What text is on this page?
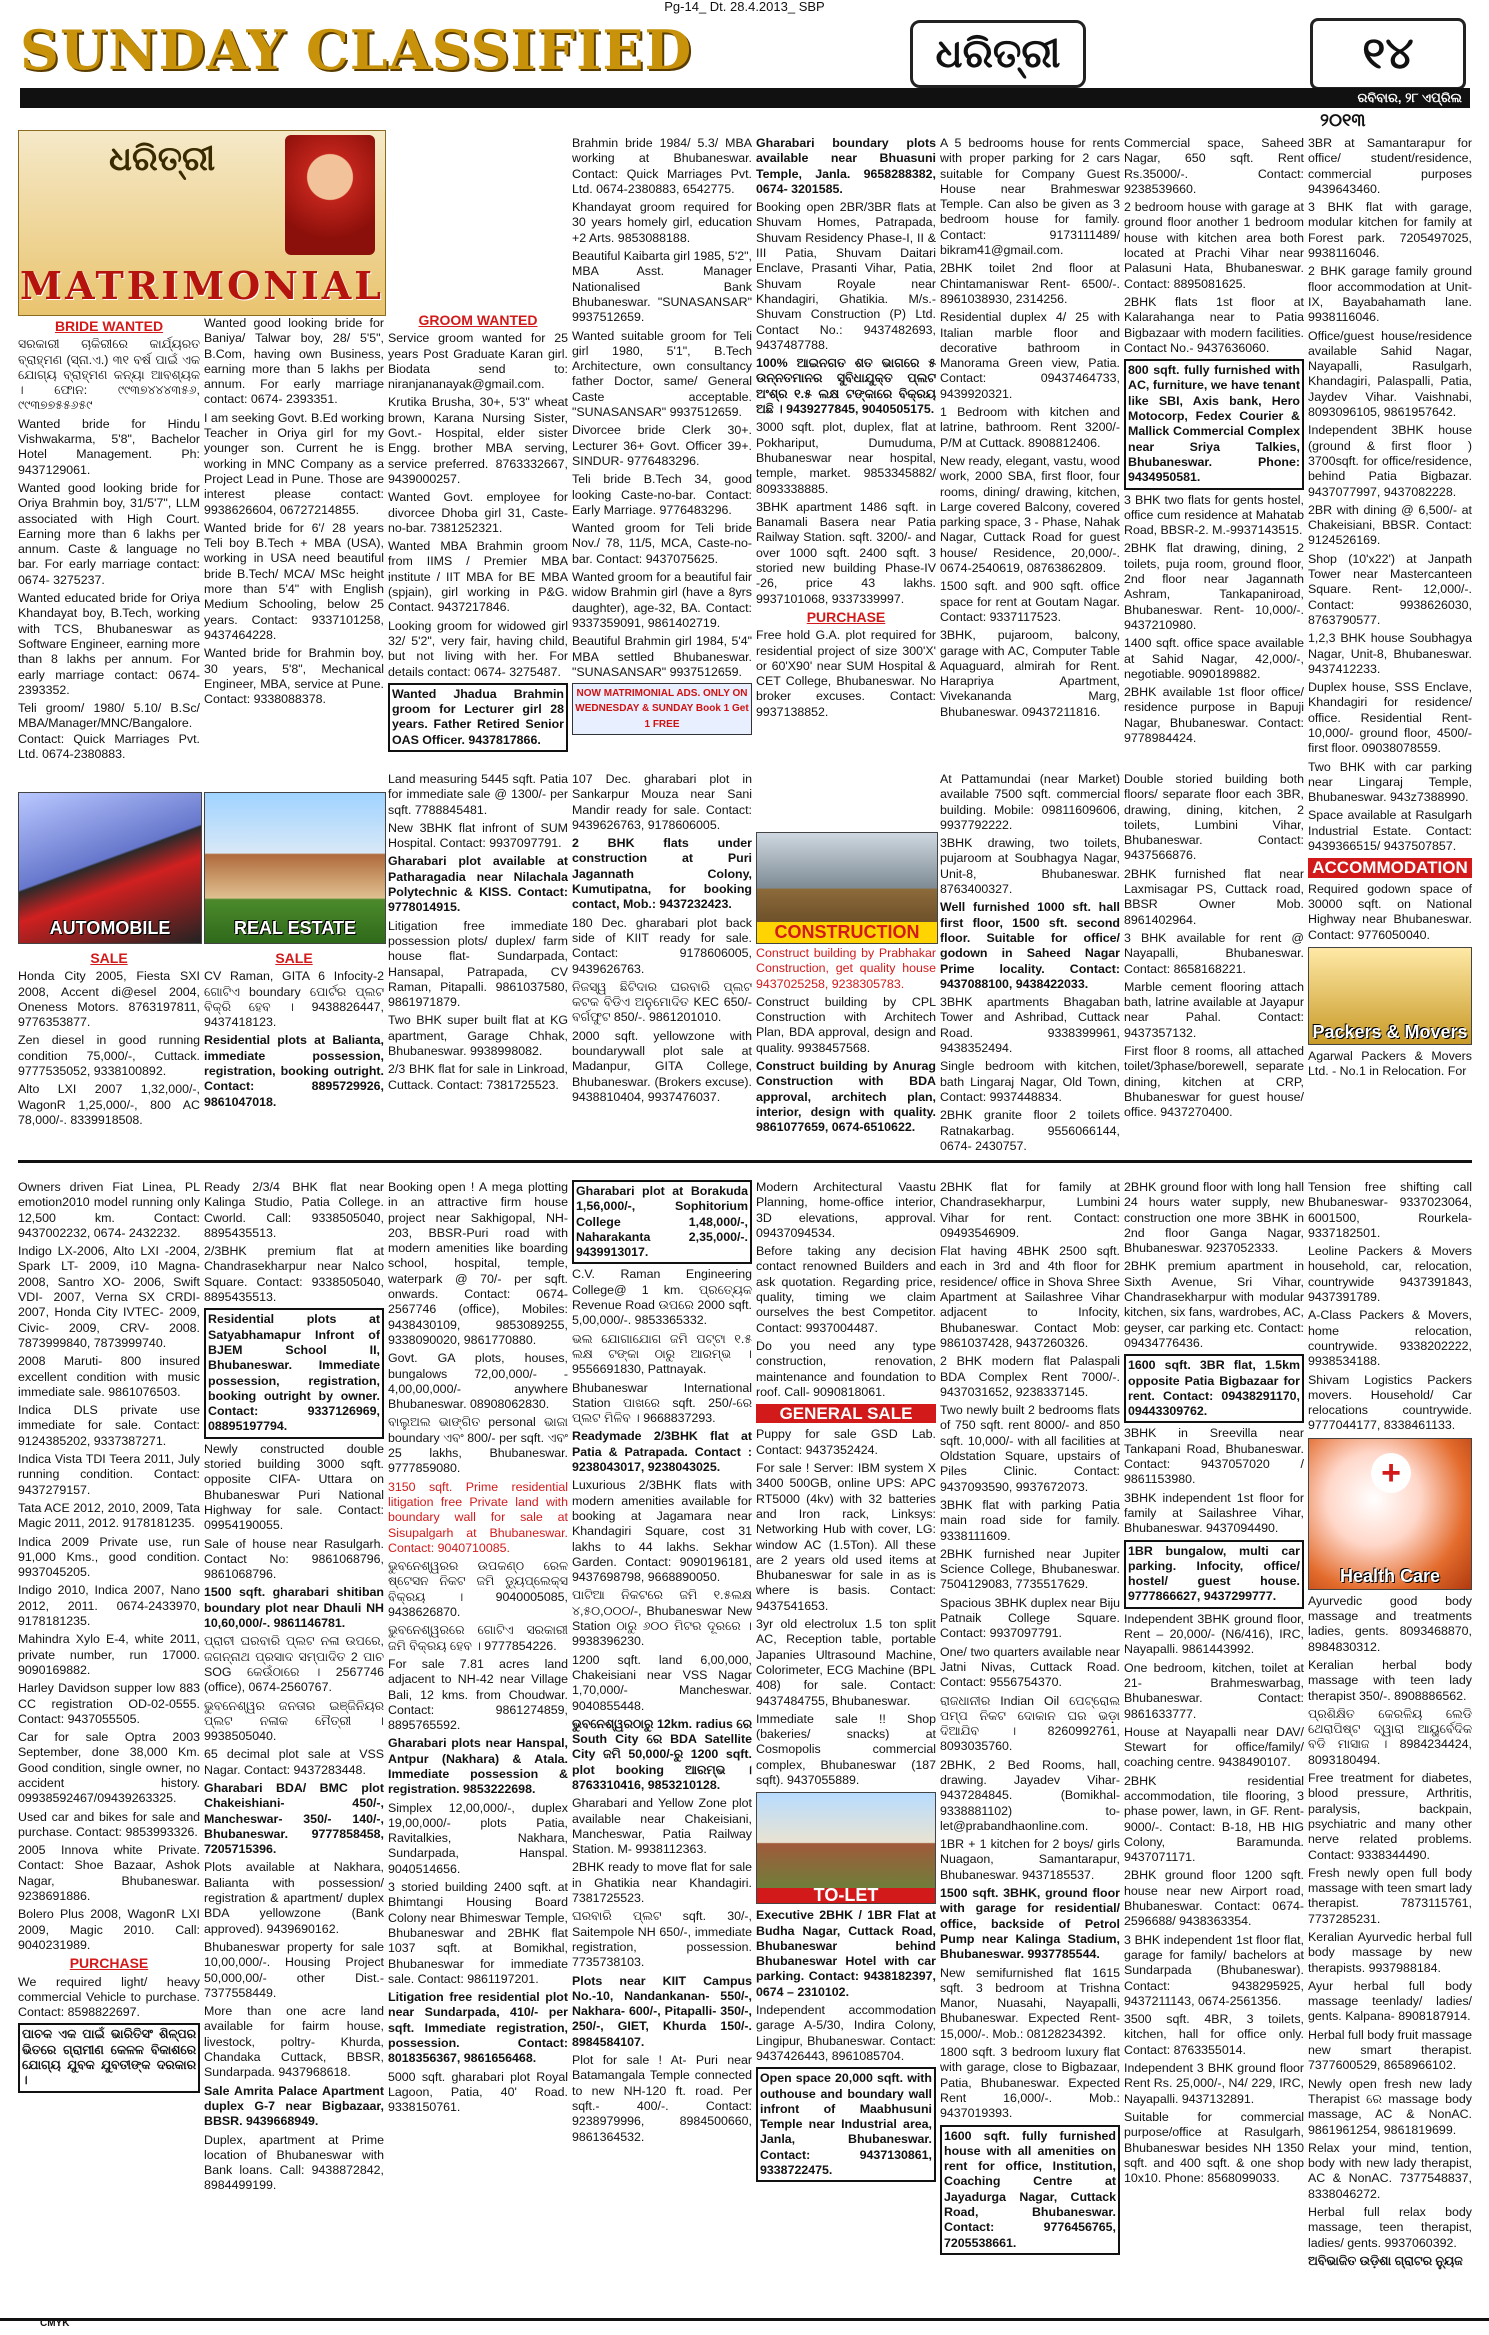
Pg-14_ Dt. 28.4.2013_ SBP
SUNDAY CLASSIFIED	ଧରିତ୍ରୀ	୧୪
ରବିବାର, ୨୮ ଏପ୍ରିଲ
୨୦୧୩
ଧରିତ୍ରୀ
MATRIMONIAL
BRIDE WANTED

ସରକାରୀ ଚାକିରୀରେ କାର୍ଯ୍ୟରତ ବ୍ରାହ୍ମଣ (ସ୍ନା.ଏ.) ୩୧ ବର୍ଷ ପାଇଁ ଏକ ଯୋଗ୍ୟ ବ୍ରାହ୍ମଣ କନ୍ୟା ଆବଶ୍ୟକ । ଫୋନ: ୯୯୩୭୪୪୪୩୫୬, ୯୯୩୭୭୫୫୬୫୯

Wanted bride for Hindu Vishwakarma, 5'8", Bachelor Hotel Management. Ph: 9437129061.

Wanted good looking bride for Oriya Brahmin boy, 31/5'7", LLM associated with High Court. Earning more than 6 lakhs per annum. Caste & language no bar. For early marriage contact: 0674- 3275237.

Wanted educated bride for Oriya Khandayat boy, B.Tech, working with TCS, Bhubaneswar as Software Engineer, earning more than 8 lakhs per annum. For early marriage contact: 0674- 2393352.

Teli groom/ 1980/ 5.10/ B.Sc/ MBA/Manager/MNC/Bangalore. Contact: Quick Marriages Pvt. Ltd. 0674-2380883.

Wanted good looking bride for Baniya/ Talwar boy, 28/ 5'5", B.Com, having own Business, earning more than 5 lakhs per annum. For early marriage contact: 0674- 2393351.

I am seeking Govt. B.Ed working Teacher in Oriya girl for my younger son. Current he is working in MNC Company as a Project Lead in Pune. Those are interest please contact: 9938626604, 06727214855.

Wanted bride for 6'/ 28 years Teli boy B.Tech + MBA (USA), working in USA need beautiful bride B.Tech/ MCA/ MSc height more than 5'4" with English Medium Schooling, below 25 years. Contact: 9337101258, 9437464228.

Wanted bride for Brahmin boy, 30 years, 5'8", Mechanical Engineer, MBA, service at Pune. Contact: 9338088378.

GROOM WANTED

Service groom wanted for 25 years Post Graduate Karan girl. Biodata send to: niranjananayak@gmail.com.

Krutika Brusha, 30+, 5'3" wheat brown, Karana Nursing Sister, Govt.- Hospital, elder sister Engg. brother MBA serving, service preferred. 8763332667, 9439000257.

Wanted Govt. employee for divorcee Dhoba girl 31, Caste-no-bar. 7381252321.

Wanted MBA Brahmin groom from IIMS / Premier MBA institute / IIT MBA for BE MBA (spjain), girl working in P&G. Contact. 9437217846.

Looking groom for widowed girl 32/ 5'2", very fair, having child, but not living with her. For details contact: 0674- 3275487.

Wanted Jhadua Brahmin groom for Lecturer girl 28 years. Father Retired Senior OAS Officer. 9437817866.

Brahmin bride 1984/ 5.3/ MBA working at Bhubaneswar. Contact: Quick Marriages Pvt. Ltd. 0674-2380883, 6542775.

Khandayat groom required for 30 years homely girl, education +2 Arts. 9853088188.

Beautiful Kaibarta girl 1985, 5'2", MBA Asst. Manager Nationalised Bank Bhubaneswar. "SUNASANSAR" 9937512659.

Wanted suitable groom for Teli girl 1980, 5'1", B.Tech Architecture, own consultancy father Doctor, same/ General Caste acceptable. "SUNASANSAR" 9937512659.

Divorcee bride Clerk 30+. Lecturer 36+ Govt. Officer 39+. SINDUR- 9776483296.

Teli bride B.Tech 34, good looking Caste-no-bar. Contact: Early Marriage. 9776483296.

Wanted groom for Teli bride Nov./ 78, 11/5, MCA, Caste-no-bar. Contact: 9437075625.

Wanted groom for a beautiful fair widow Brahmin girl (have a 8yrs daughter), age-32, BA. Contact: 9337359091, 9861402719.

Beautiful Brahmin girl 1984, 5'4" MBA settled Bhubaneswar. "SUNASANSAR" 9937512659.

NOW MATRIMONIAL ADS. ONLY ON WEDNESDAY & SUNDAY Book 1 Get 1 FREE

Gharabari boundary plots available near Bhuasuni Temple, Janla. 9658288382, 0674- 3201585.

Booking open 2BR/3BR flats at Shuvam Homes, Patrapada, Shuvam Residency Phase-I, II & III Patia, Shuvam Daitari Enclave, Prasanti Vihar, Patia, Shuvam Royale near Khandagiri, Ghatikia. M/s.- Shuvam Construction (P) Ltd. Contact No.: 9437482693, 9437487788.

100% ଆଇନଗତ ଶତ ଭାଗରେ ୫ ଉନ୍ନତମାନର ସୁବିଧାଯୁକ୍ତ ପ୍ଲଟ ଅଂଶ୍ର ୧.୫ ଲକ୍ଷ ଟଙ୍କାରେ ବିକ୍ରୟ ଅଛି । 9439277845, 9040505175.

3000 sqft. plot, duplex, flat at Pokhariput, Dumuduma, Bhubaneswar near hospital, temple, market. 9853345882/ 8093338885.

3BHK apartment 1486 sqft. in Banamali Basera near Patia Railway Station. sqft. 3200/- and over 1000 sqft. 2400 sqft. 3 storied new building Phase-IV -26, price 43 lakhs. 9937101068, 9337339997.

PURCHASE

Free hold G.A. plot required for residential project of size 300'X' or 60'X90' near SUM Hospital & CET College, Bhubaneswar. No broker excuses. Contact: 9937138852.

A 5 bedrooms house for rents with proper parking for 2 cars suitable for Company Guest House near Brahmeswar Temple. Can also be given as 3 bedroom house for family. Contact: 9173111489/ bikram41@gmail.com.

2BHK toilet 2nd floor at Chintamaniswar Rent- 6500/-. 8961038930, 2314256.

Residential duplex 4/ 25 with Italian marble floor and decorative bathroom in Manorama Green view, Patia. Contact: 09437464733, 9439920321.

1 Bedroom with kitchen and latrine, bathroom. Rent 3200/- P/M at Cuttack. 8908812406.

New ready, elegant, vastu, wood work, 2000 SBA, first floor, four rooms, dining/ drawing, kitchen, Large covered Balcony, covered parking space, 3 - Phase, Nahak Nagar, Cuttack Road for guest house/ Residence, 20,000/-. 0674-2540619, 08763862809.

1500 sqft. and 900 sqft. office space for rent at Goutam Nagar. Contact: 9337117523.

3BHK, pujaroom, balcony, garage with AC, Computer Table Aquaguard, almirah for Rent. Harapriya Apartment, Vivekananda Marg, Bhubaneswar. 09437211816.

Commercial space, Saheed Nagar, 650 sqft. Rent Rs.35000/-. Contact: 9238539660.

2 bedroom house with garage at ground floor another 1 bedroom house with kitchen area both located at Prachi Vihar near Palasuni Hata, Bhubaneswar. Contact: 8895081625.

2BHK flats 1st floor at Kalarahanga near to Patia Bigbazaar with modern facilities. Contact No.- 9437636060.

800 sqft. fully furnished with AC, furniture, we have tenant like SBI, Axis bank, Hero Motocorp, Fedex Courier & Mallick Commercial Complex near Sriya Talkies, Bhubaneswar. Phone: 9434950581.

3 BHK two flats for gents hostel, office cum residence at Mahatab Road, BBSR-2. M.-9937143515.

2BHK flat drawing, dining, 2 toilets, puja room, ground floor, 2nd floor near Jagannath Ashram, Tankapaniroad, Bhubaneswar. Rent- 10,000/-. 9437210980.

1400 sqft. office space available at Sahid Nagar, 42,000/-, negotiable. 9090189882.

2BHK available 1st floor office/ residence purpose in Bapuji Nagar, Bhubaneswar. Contact: 9778984424.

3BR at Samantarapur for office/ student/residence, commercial purposes 9439643460.

3 BHK flat with garage, modular kitchen for family at Forest park. 7205497025, 9938116046.

2 BHK garage family ground floor accommodation at Unit-IX, Bayabahamath lane. 9938116046.

Office/guest house/residence available Sahid Nagar, Nayapalli, Rasulgarh, Khandagiri, Palaspalli, Patia, Jaydev Vihar. Vaishnabi, 8093096105, 9861957642.

Independent 3BHK house (ground & first floor ) 3700sqft. for office/residence, behind Patia Bigbazar. 9437077997, 9437082228.

2BR with dining @ 6,500/- at Chakeisiani, BBSR. Contact: 9124526169.

Shop (10'x22') at Janpath Tower near Mastercanteen Square. Rent- 12,000/-. Contact: 9938626030, 8763790577.

1,2,3 BHK house Soubhagya Nagar, Unit-8, Bhubaneswar. 9437412233.

Duplex house, SSS Enclave, Khandagiri for residence/ office. Residential Rent- 10,000/- ground floor, 4500/- first floor. 09038078559.

Two BHK with car parking near Lingaraj Temple, Bhubaneswar. 943z7388990.

Space available at Rasulgarh Industrial Estate. Contact: 9439366515/ 9437507857.

ACCOMMODATION

Required godown space of 30000 sqft. on National Highway near Bhubaneswar. Contact: 9776050040.

Packers & Movers

Agarwal Packers & Movers Ltd. - No.1 in Relocation. For

AUTOMOBILE	REAL ESTATE	CONSTRUCTION
SALE

Honda City 2005, Fiesta SXI 2008, Accent di@esel 2004, Oneness Motors. 8763197811, 9776353877.

Zen diesel in good running condition 75,000/-, Cuttack. 9777535052, 9338100892.

Alto LXI 2007 1,32,000/-, WagonR 1,25,000/-, 800 AC 78,000/-. 8339918508.

SALE

CV Raman, GITA 6 Infocity-2 ଗୋଟିଏ boundary ପୋର୍ଟର ପ୍ଲଟ ବିକ୍ରି ହେବ । 9438826447, 9437418123.

Residential plots at Balianta, immediate possession, registration, booking outright. Contact: 8895729926, 9861047018.

Land measuring 5445 sqft. Patia for immediate sale @ 1300/- per sqft. 7788845481.

New 3BHK flat infront of SUM Hospital. Contact: 9937097791.

Gharabari plot available at Patharagadia near Nilachala Polytechnic & KISS. Contact: 9778014915.

Litigation free immediate possession plots/ duplex/ farm house flat- Sundarpada, Hansapal, Patrapada, CV Raman, Pitapalli. 9861037580, 9861971879.

Two BHK super built flat at KG apartment, Garage Chhak, Bhubaneswar. 9938998082.

2/3 BHK flat for sale in Linkroad, Cuttack. Contact: 7381725523.

107 Dec. gharabari plot in Sankarpur Mouza near Sani Mandir ready for sale. Contact: 9439626763, 9178606005.

2 BHK flats under construction at Puri Jagannath Colony, Kumutipatna, for booking contact, Mob.: 9437232423.

180 Dec. gharabari plot back side of KIIT ready for sale. Contact: 9178606005, 9439626763.

ନିଜସ୍ୱ ଛିଟିଦାର ଘରବାରି ପ୍ଲଟ କଟକ ବିଡିଏ ଅନୁମୋଦିତ KEC 650/- ବର୍ଗଫୁଟ 850/-. 9861201010.

2000 sqft. yellowzone with boundarywall plot sale at Madanpur, GITA College, Bhubaneswar. (Brokers excuse). 9438810404, 9937476037.

Construct building by Prabhakar Construction, get quality house 9437025258, 9238305783.

Construct building by CPL Construction with Architech Plan, BDA approval, design and quality. 9938457568.

Construct building by Anurag Construction with BDA approval, architech plan, interior, design with quality. 9861077659, 0674-6510622.

At Pattamundai (near Market) available 7500 sqft. commercial building. Mobile: 09811609606, 9937792222.

3BHK drawing, two toilets, pujaroom at Soubhagya Nagar, Unit-8, Bhubaneswar. 8763400327.

Well furnished 1000 sft. hall first floor, 1500 sft. second floor. Suitable for office/ godown in Saheed Nagar Prime locality. Contact: 9437088100, 9438422033.

3BHK apartments Bhagaban Tower and Ashribad, Cuttack Road. 9338399961, 9438352494.

Single bedroom with kitchen, bath Lingaraj Nagar, Old Town, Contact: 9937448834.

2BHK granite floor 2 toilets Ratnakarbag. 9556066144, 0674- 2430757.

Double storied building both floors/ separate floor each 3BR, drawing, dining, kitchen, 2 toilets, Lumbini Vihar, Bhubaneswar. Contact: 9437566876.

2BHK furnished flat near Laxmisagar PS, Cuttack road, BBSR Owner Mob. 8961402964.

3 BHK available for rent @ Nayapalli, Bhubaneswar. Contact: 8658168221.

Marble cement flooring attach bath, latrine available at Jayapur near Pahal. Contact: 9437357132.

First floor 8 rooms, all attached toilet/3phase/borewell, separate dining, kitchen at CRP, Bhubaneswar for guest house/ office. 9437270400.

Owners driven Fiat Linea, PL emotion2010 model running only 12,500 km. Contact: 9437002232, 0674- 2432232.

Indigo LX-2006, Alto LXI -2004, Spark LT- 2009, i10 Magna-2008, Santro XO- 2006, Swift VDI- 2007, Verna SX CRDI-2007, Honda City IVTEC- 2009, Civic- 2009, CRV- 2008. 7873999840, 7873999740.

2008 Maruti- 800 insured excellent condition with music immediate sale. 9861076503.

Indica DLS private use immediate for sale. Contact: 9124385202, 9337387271.

Indica Vista TDI Teera 2011, July running condition. Contact: 9437279157.

Tata ACE 2012, 2010, 2009, Tata Magic 2011, 2012. 9178181235.

Indica 2009 Private use, run 91,000 Kms., good condition. 9937045205.

Indigo 2010, Indica 2007, Nano 2012, 2011. 0674-2433970, 9178181235.

Mahindra Xylo E-4, white 2011, private number, run 17000. 9090169882.

Harley Davidson supper low 883 CC registration OD-02-0555. Contact: 9437055505.

Car for sale Optra 2003 September, done 38,000 Km. Good condition, single owner, no accident history. 09938592467/09439263325.

Used car and bikes for sale and purchase. Contact: 9853993326.

2005 Innova white Private. Contact: Shoe Bazaar, Ashok Nagar, Bhubaneswar. 9238691886.

Bolero Plus 2008, WagonR LXI 2009, Magic 2010. Call: 9040231989.

PURCHASE

We required light/ heavy commercial Vehicle to purchase. Contact: 8598822697.

ପାଚକ ଏକ ପାଇଁ ଭାରିତିସଂ ଶିଳ୍ପର ଭିତରେ ଗ୍ରାମୀଣ କେଳଳ ବିକାଶରେ ଯୋଗ୍ୟ ଯୁବକ ଯୁବତୀଙ୍କ ଦରକାର ।

Ready 2/3/4 BHK flat near Kalinga Studio, Patia College. Cworld. Call: 9338505040, 8895435513.

2/3BHK premium flat at Chandrasekharpur near Nalco Square. Contact: 9338505040, 8895435513.

Residential plots at Satyabhamapur Infront of BJEM School II, Bhubaneswar. Immediate possession, registration, booking outright by owner. Contact: 9337126969, 08895197794.

Newly constructed double storied building 3000 sqft. opposite CIFA- Uttara on Bhubaneswar Puri National Highway for sale. Contact: 09954190055.

Sale of house near Rasulgarh. Contact No: 9861068796, 9861068796.

1500 sqft. gharabari shitiban boundary plot near Dhauli NH 10,60,000/-. 9861146781.

ପ୍ରାଚୀ ଘରବାରି ପ୍ଲଟ ନଳା ଉପରେ, ଜଗନ୍ନାଥ ପ୍ରସାଦ ସମ୍ପାଦିତ 2 ପାଚ SOG କେଉଁଠାରେ । 2567746 (office), 0674-2560767.

ଭୁବନେଶ୍ୱର ଜନତାର ଇଞ୍ଜିନିୟର ପ୍ଲଟ ନଳାକ ମୈତ୍ରୀ । 9938505040.

65 decimal plot sale at VSS Nagar. Contact: 9437283448.

Gharabari BDA/ BMC plot Chakeishiani- 450/-, Mancheswar- 350/- 140/-, Bhubaneswar. 9777858458, 7205715396.

Plots available at Nakhara, Balianta with possession/ registration & apartment/ duplex BDA yellowzone (Bank approved). 9439690162.

Bhubaneswar property for sale 10,00,000/-. Housing Project 50,000,00/- other Dist.- 7377558449.

More than one acre land available for fairm house, livestock, poltry- Khurda, Chandaka Cuttack, BBSR, Sundarpada. 9437968618.

Sale Amrita Palace Apartment duplex G-7 near Bigbazaar, BBSR. 9439668949.

Duplex, apartment at Prime location of Bhubaneswar with Bank loans. Call: 9438872842, 8984499199.

Booking open ! A mega plotting in an attractive firm house project near Sakhigopal, NH-203, BBSR-Puri road with modern amenities like boarding school, hospital, temple, waterpark @ 70/- per sqft. onwards. Contact: 0674-2567746 (office), Mobiles: 9438430109, 9853089255, 9338090020, 9861770880.

Govt. GA plots, houses, bungalows 72,00,000/- - 4,00,00,000/- anywhere Bhubaneswar. 08908062830.

ବାଲୁଅଲ ଭାଙ୍ଗିତ personal ଭାଜା boundary ଏବଂ 800/- per sqft. ଏବଂ 25 lakhs, Bhubaneswar. 9777859080.

3150 sqft. Prime residential litigation free Private land with boundary wall for sale at Sisupalgarh at Bhubaneswar. Contact: 9040710085.

ଭୁବନେଶ୍ୱରର ଉପକଣ୍ଠ ରେଳ ଷ୍ଟେସନ ନିକଟ ଜମି ଡ୍ୟୁପ୍ଲେକ୍ସ ବିକ୍ରୟ । 9040005085, 9438626870.

ଭୁବନେଶ୍ୱରରେ ଗୋଟିଏ ସରକାରୀ ଜମି ବିକ୍ରୟ ହେବ । 9777854226.

For sale 7.81 acres land adjacent to NH-42 near Village Bali, 12 kms. from Choudwar. Contact: 9861274859, 8895765592.

Gharabari plots near Hanspal, Antpur (Nakhara) & Atala. Immediate possession & registration. 9853222698.

Simplex 12,00,000/-, duplex 19,00,000/- plots Patia, Ravitalkies, Nakhara, Sundarpada, Hanspal. 9040514656.

3 storied building 2400 sqft. at Bhimtangi Housing Board Colony near Bhimeswar Temple, Bhubaneswar and 2BHK flat 1037 sqft. at Bomikhal, Bhubaneswar for immediate sale. Contact: 9861197201.

Litigation free residential plot near Sundarpada, 410/- per sqft. Immediate registration, possession. Contact: 8018356367, 9861656468.

5000 sqft. gharabari plot Royal Lagoon, Patia, 40' Road. 9338150761.

Gharabari plot at Borakuda 1,56,000/-, Sophitorium College 1,48,000/-, Naharakanta 2,35,000/-. 9439913017.

C.V. Raman Engineering College@ 1 km. ପ୍ରତ୍ୟେକ Revenue Road ଉପରେ 2000 sqft. 5,00,000/-. 9853365332.

ଭଲ ଯୋଗାଯୋଗ ଜମି ପଟ୍ଟା ୧.୫ ଲକ୍ଷ ଟଙ୍କା ଠାରୁ ଆରମ୍ଭ । 9556691830, Pattnayak.

Bhubaneswar International Station ପାଖରେ sqft. 250/-ରେ ପ୍ଲଟ ମିଳିବ । 9668837293.

Readymade 2/3BHK flat at Patia & Patrapada. Contact : 9238043017, 9238043025.

Luxurious 2/3BHK flats with modern amenities available for booking at Jagamara near Khandagiri Square, cost 31 lakhs to 44 lakhs. Sekhar Garden. Contact: 9090196181, 9437698798, 9668890050.

ପାଟିଆ ନିକଟରେ ଜମି ୧.୫ଲକ୍ଷ ୪,୫୦,୦୦୦/-, Bhubaneswar New Station ଠାରୁ ୬୦୦ ମିଟର ଦୂରରେ । 9938396230.

1200 sqft. land 6,00,000, Chakeisiani near VSS Nagar 1,70,000/- Mancheswar. 9040855448.

ଭୁବନେଶ୍ୱରଠାରୁ 12km. radius ରେ South City ରେ BDA Satellite City ଜମି 50,000/-ରୁ 1200 sqft. plot booking ଆରମ୍ଭ । 8763310416, 9853210128.

Gharabari and Yellow Zone plot available near Chakeisiani, Mancheswar, Patia Railway Station. M- 9938112363.

2BHK ready to move flat for sale in Ghatikia near Khandagiri. 7381725523.

ଘରବାରି ପ୍ଲଟ sqft. 30/-, Saitempole NH 650/-, immediate registration, possession. 7735738103.

Plots near KIIT Campus No.-10, Nandankanan- 550/-, Nakhara- 600/-, Pitapalli- 350/-, 250/-, GIET, Khurda 150/-. 8984584107.

Plot for sale ! At- Puri near Batamangala Temple connected to new NH-120 ft. road. Per sqft.- 400/-. Contact: 9238979996, 8984500660, 9861364532.

Modern Architectural Vaastu Planning, home-office interior, 3D elevations, approval. 09437094534.

Before taking any decision contact renowned Builders and ask quotation. Regarding price, quality, timing we claim ourselves the best Competitor. Contact: 9937004487.

Do you need any type construction, renovation, maintenance and foundation to roof. Call- 9090818061.

GENERAL SALE

Puppy for sale GSD Lab. Contact: 9437352424.

For sale ! Server: IBM system X 3400 500GB, online UPS: APC RT5000 (4kv) with 32 batteries and Iron rack, Linksys: Networking Hub with cover, LG: window AC (1.5Ton). All these are 2 years old used items at Bhubaneswar for sale in as is where is basis. Contact: 9437541653.

3yr old electrolux 1.5 ton split AC, Reception table, portable Japanies Ultrasound Machine, Colorimeter, ECG Machine (BPL 408) for sale. Contact: 9437484755, Bhubaneswar.

Immediate sale !! Shop (bakeries/ snacks) at Cosmopolis commercial complex, Bhubaneswar (187 sqft). 9437055889.

TO-LET

Executive 2BHK / 1BR Flat at Budha Nagar, Cuttack Road, Bhubaneswar behind Bhubaneswar Hotel with car parking. Contact: 9438182397, 0674 – 2310102.

Independent accommodation garage A-5/30, Indira Colony, Lingipur, Bhubaneswar. Contact: 9437426443, 8961085704.

Open space 20,000 sqft. with outhouse and boundary wall infront of Maabhusuni Temple near Industrial area, Janla, Bhubaneswar. Contact: 9437130861, 9338722475.

2BHK flat for family at Chandrasekharpur, Lumbini Vihar for rent. Contact: 09493546909.

Flat having 4BHK 2500 sqft. each in 3rd and 4th floor for residence/ office in Shova Shree Apartment at Sailashree Vihar adjacent to Infocity, Bhubaneswar. Contact Mob: 9861037428, 9437260326.

2 BHK modern flat Palaspali BDA Complex Rent 7000/-. 9437031652, 9238337145.

Two newly built 2 bedrooms flats of 750 sqft. rent 8000/- and 850 sqft. 10,000/- with all facilities at Oldstation Square, upstairs of Piles Clinic. Contact: 9437093590, 9937672073.

3BHK flat with parking Patia main road side for family. 9338111609.

2BHK furnished near Jupiter Science College, Bhubaneswar. 7504129083, 7735517629.

Spacious 3BHK duplex near Biju Patnaik College Square. Contact: 9937097791.

One/ two quarters available near Jatni Nivas, Cuttack Road. Contact: 9556754370.

ରାଜଧାନୀର Indian Oil ପେଟ୍ରୋଲ ପମ୍ପ ନିକଟ ଦୋକାନ ଘର ଭଡ଼ା ଦିଆଯିବ । 8260992761, 8093035760.

2BHK, 2 Bed Rooms, hall, drawing. Jayadev Vihar- 9437284845. (Bomikhal- 9338881102) to-let@prabandhaonline.com.

1BR + 1 kitchen for 2 boys/ girls Nuagaon, Samantarapur, Bhubaneswar. 9437185537.

1500 sqft. 3BHK, ground floor with garage for residential/ office, backside of Petrol Pump near Kalinga Stadium, Bhubaneswar. 9937785544.

New semifurnished flat 1615 sqft. 3 bedroom at Trishna Manor, Nuasahi, Nayapalli, Bhubaneswar. Expected Rent- 15,000/-. Mob.: 08128234392.

1800 sqft. 3 bedroom luxury flat with garage, close to Bigbazaar, Patia, Bhubaneswar. Expected Rent 16,000/-. Mob.: 9437019393.

1600 sqft. fully furnished house with all amenities on rent for office, Institution, Coaching Centre at Jayadurga Nagar, Cuttack Road, Bhubaneswar. Contact: 9776456765, 7205538661.

2BHK ground floor with long hall 24 hours water supply, new construction one more 3BHK in 2nd floor Ganga Nagar, Bhubaneswar. 9237052333.

2BHK premium apartment in Sixth Avenue, Sri Vihar, Chandrasekharpur with modular kitchen, six fans, wardrobes, AC, geyser, car parking etc. Contact: 09434776436.

1600 sqft. 3BR flat, 1.5km opposite Patia Bigbazaar for rent. Contact: 09438291170, 09443309762.

3BHK in Sreevilla near Tankapani Road, Bhubaneswar. Contact: 9437057020 / 9861153980.

3BHK independent 1st floor for family at Sailashree Vihar, Bhubaneswar. 9437094490.

1BR bungalow, multi car parking. Infocity, office/ hostel/ guest house. 9777866627, 9437299777.

Independent 3BHK ground floor, Rent – 20,000/- (N6/416), IRC, Nayapalli. 9861443992.

One bedroom, kitchen, toilet at 21- Brahmeswarbag, Bhubaneswar. Contact: 9861633777.

House at Nayapalli near DAV/ Stewart for office/family/ coaching centre. 9438490107.

2BHK residential accommodation, tile flooring, 3 phase power, lawn, in GF. Rent-9000/-. Contact: B-18, HB HIG Colony, Baramunda. 9437071171.

2BHK ground floor 1200 sqft. house near new Airport road, Bhubaneswar. Contact: 0674-2596688/ 9438363354.

3 BHK independent 1st floor flat, garage for family/ bachelors at Sundarpada (Bhubaneswar). Contact: 9438295925, 9437211143, 0674-2561356.

3500 sqft. 4BR, 3 toilets, kitchen, hall for office only. Contact: 8763355014.

Independent 3 BHK ground floor Rent Rs. 25,000/-, N4/ 229, IRC, Nayapalli. 9437132891.

Suitable for commercial purpose/office at Rasulgarh, Bhubaneswar besides NH 1350 sqft. and 400 sqft. & one shop 10x10. Phone: 8568099033.

Tension free shifting call Bhubaneswar- 9337023064, 6001500, Rourkela- 9337182501.

Leoline Packers & Movers household, car, relocation, countrywide 9437391843, 9437391789.

A-Class Packers & Movers, home relocation, countrywide. 9338202222, 9938534188.

Shivam Logistics Packers movers. Household/ Car relocations countrywide. 9777044177, 8338461133.

+
Health Care

Ayurvedic good body massage and treatments ladies, gents. 8093468870, 8984830312.

Keralian herbal body massage with teen lady therapist 350/-. 8908886562.

ପ୍ରଶିକ୍ଷିତ କେରଳିୟ ଲେଡି ଥେରାପିଷ୍ଟ ଦ୍ୱାରା ଆୟୁର୍ବେଦିକ ବଡି ମାସାଜ । 8984234424, 8093180494.

Free treatment for diabetes, blood pressure, Arthritis, paralysis, backpain, psychiatric and many other nerve related problems. Contact: 9338344490.

Fresh newly open full body massage with teen smart lady therapist. 7873115761, 7737285231.

Keralian Ayurvedic herbal full body massage by new therapists. 9937988184.

Ayur herbal full body massage teenlady/ ladies/ gents. Kalpana- 8908187914.

Herbal full body fruit massage new smart therapist. 7377600529, 8658966102.

Newly open fresh new lady Therapist ରେ massage body massage, AC & NonAC. 9861961254, 9861819699.

Relax your mind, tention, body with new lady therapist, AC & NonAC. 7377548837, 8338046272.

Herbal full relax body massage, teen therapist, ladies/ gents. 9937060392.

ଅବିଭାଜିତ ଉଡ଼ିଶା ଗ୍ରାଟର ନ୍ୟୁଜ

CMYK
